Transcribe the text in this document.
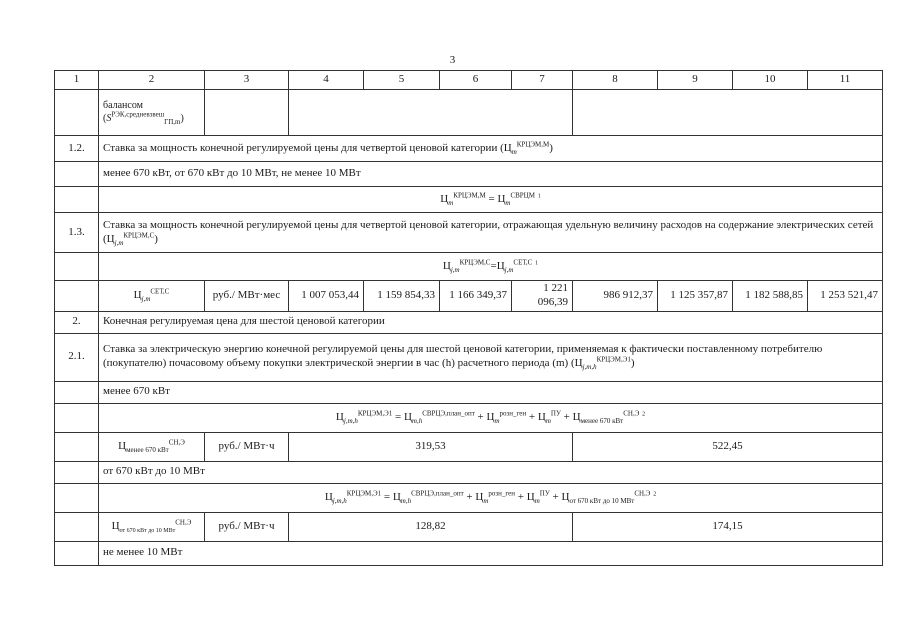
3
1	2	3	4	5	6	7	8	9	10	11
	балансом
$(S^{РЭК,средневзвеш}_{ГП,m})$									
1.2.	Ставка за мощность конечной регулируемой цены для четвертой ценовой категории $(Ц_m^{КРЦЭМ,М})$									
	менее 670 кВт, от 670 кВт до 10 МВт, не менее 10 МВт									
	$Ц_m^{КРЦЭМ,М} = Ц_m^{СВРЦМ}$ $^1$
1.3.	Ставка за мощность конечной регулируемой цены для четвертой ценовой категории, отражающая удельную величину расходов на содержание электрических сетей $(Ц_{j,m}^{КРЦЭМ,С})$									
	$Ц_{j,m}^{КРЦЭМ,С}=Ц_{j,m}^{СЕТ,С}$ $^1$
	$Ц_{j,m}^{СЕТ,С}$	руб./ МВт·мес	1 007 053,44	1 159 854,33	1 166 349,37	1 221 096,39	986 912,37	1 125 357,87	1 182 588,85	1 253 521,47
2.	Конечная регулируемая цена для шестой ценовой категории									
2.1.	Ставка за электрическую энергию конечной регулируемой цены для шестой ценовой категории, применяемая к фактически поставленному потребителю (покупателю) почасовому объему покупки электрической энергии в час (h) расчетного периода (m) $(Ц_{j,m,h}^{КРЦЭМ,Э1})$									
	менее 670 кВт									
	$Ц_{j,m,h}^{КРЦЭМ,Э1} = Ц_{m,h}^{СВРЦЭ,план\_опт} + Ц_m^{розн\_ген} + Ц_m^{ПУ} + Ц_{менее 670 кВт}^{СН,Э}$ $^2$
	$Ц_{менее 670 кВт}^{СН,Э}$	руб./ МВт·ч	319,53				522,45			
	от 670 кВт до 10 МВт									
	$Ц_{j,m,h}^{КРЦЭМ,Э1} = Ц_{m,h}^{СВРЦЭ,план\_опт} + Ц_m^{розн\_ген} + Ц_m^{ПУ} + Ц_{от 670 кВт до 10 МВт}^{СН,Э}$ $^2$
	$Ц_{от 670 кВт до 10 МВт}^{СН,Э}$	руб./ МВт·ч	128,82				174,15			
	не менее 10 МВт									
